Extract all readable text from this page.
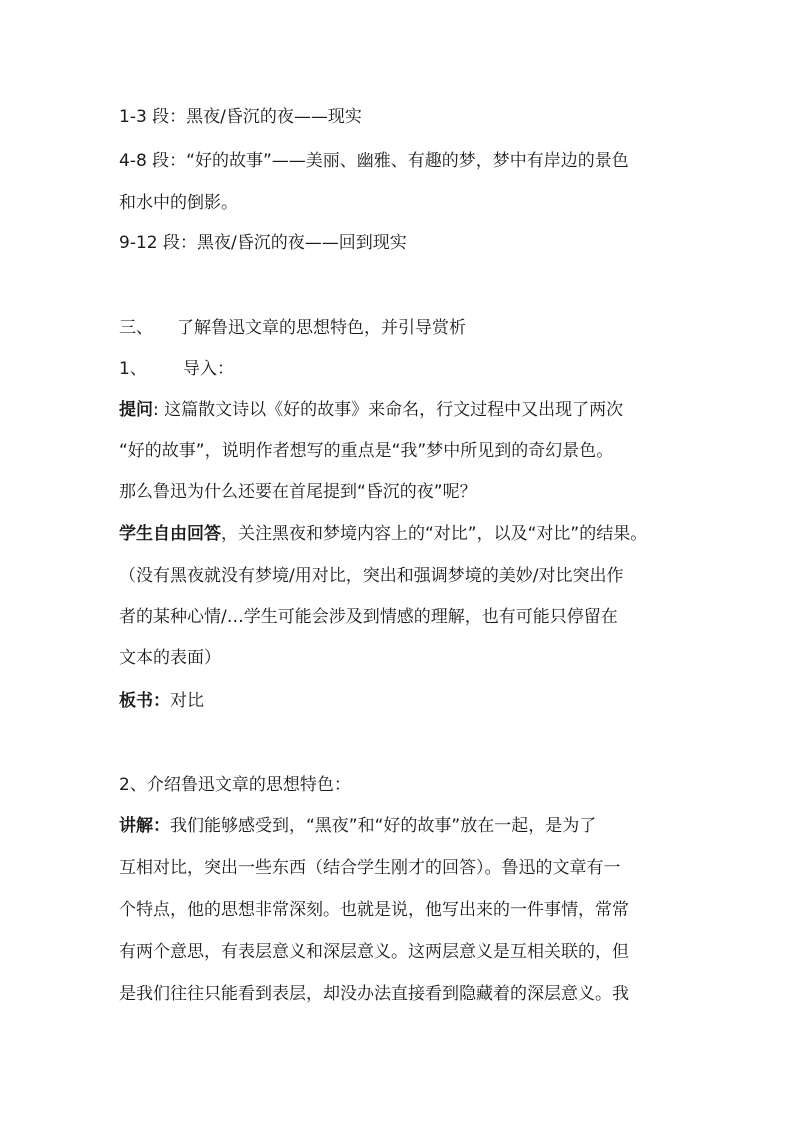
1-3 段：黑夜/昏沉的夜——现实
4-8 段：“好的故事”——美丽、幽雅、有趣的梦，梦中有岸边的景色
和水中的倒影。
9-12 段：黑夜/昏沉的夜——回到现实
三、 了解鲁迅文章的思想特色，并引导赏析
1、 导入：
提问: 这篇散文诗以《好的故事》来命名，行文过程中又出现了两次
“好的故事”，说明作者想写的重点是“我”梦中所见到的奇幻景色。
那么鲁迅为什么还要在首尾提到“昏沉的夜”呢？
学生自由回答，关注黑夜和梦境内容上的“对比”，以及“对比”的结果。
（没有黑夜就没有梦境/用对比，突出和强调梦境的美妙/对比突出作
者的某种心情/…学生可能会涉及到情感的理解，也有可能只停留在
文本的表面）
板书：对比
2、介绍鲁迅文章的思想特色：
讲解：我们能够感受到，“黑夜”和“好的故事”放在一起，是为了
互相对比，突出一些东西（结合学生刚才的回答）。鲁迅的文章有一
个特点，他的思想非常深刻。也就是说，他写出来的一件事情，常常
有两个意思，有表层意义和深层意义。这两层意义是互相关联的，但
是我们往往只能看到表层，却没办法直接看到隐藏着的深层意义。我
